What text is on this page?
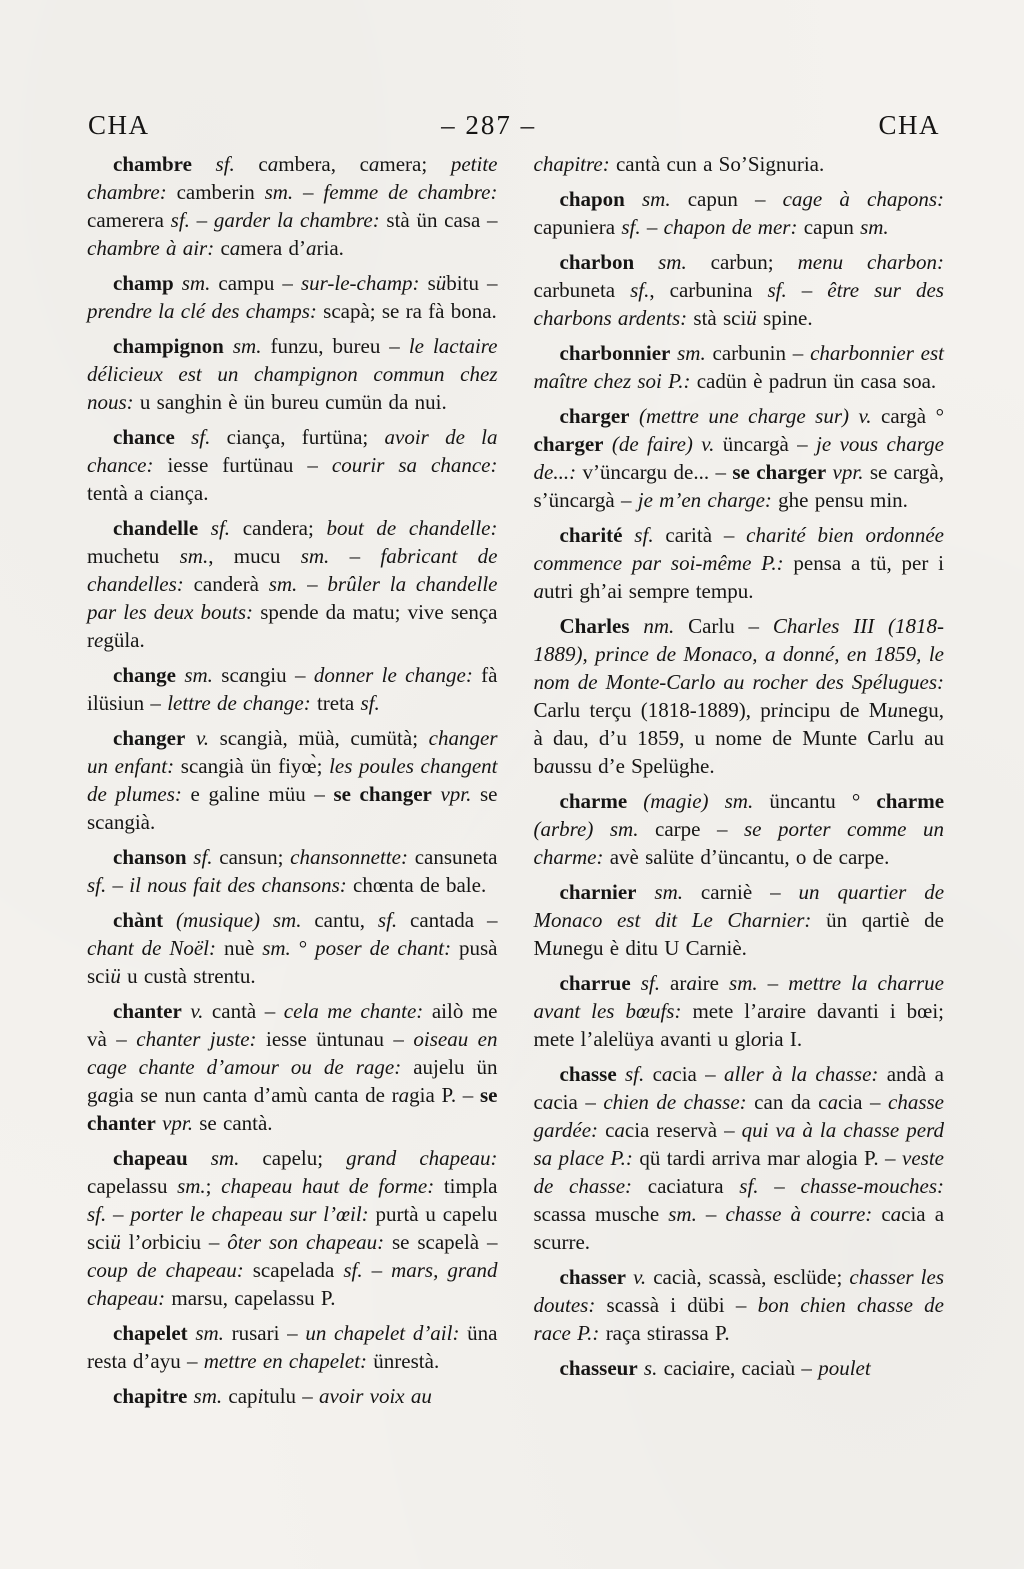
CHA	– 287 –	CHA

chambre sf. cambera, camera; petite chambre: camberin sm. – femme de chambre: camerera sf. – garder la chambre: stà ün casa – chambre à air: camera d’aria.

champ sm. campu – sur-le-champ: sübitu – prendre la clé des champs: scapà; se ra fà bona.

champignon sm. funzu, bureu – le lactaire délicieux est un champignon commun chez nous: u sanghin è ün bureu cumün da nui.

chance sf. ciança, furtüna; avoir de la chance: iesse furtünau – courir sa chance: tentà a ciança.

chandelle sf. candera; bout de chandelle: muchetu sm., mucu sm. – fabricant de chandelles: canderà sm. – brûler la chandelle par les deux bouts: spende da matu; vive sença regüla.

change sm. scangiu – donner le change: fà ilüsiun – lettre de change: treta sf.

changer v. scangià, müà, cumütà; changer un enfant: scangià ün fiyœ̀; les poules changent de plumes: e galine müu – se changer vpr. se scangià.

chanson sf. cansun; chansonnette: cansuneta sf. – il nous fait des chansons: chœnta de bale.

chànt (musique) sm. cantu, sf. cantada – chant de Noël: nuè sm. ° poser de chant: pusà sciü u custà strentu.

chanter v. cantà – cela me chante: ailò me và – chanter juste: iesse üntunau – oiseau en cage chante d’amour ou de rage: aujelu ün gagia se nun canta d’amù canta de ragia P. – se chanter vpr. se cantà.

chapeau sm. capelu; grand chapeau: capelassu sm.; chapeau haut de forme: timpla sf. – porter le chapeau sur l’œil: purtà u capelu sciü l’orbiciu – ôter son chapeau: se scapelà – coup de chapeau: scapelada sf. – mars, grand chapeau: marsu, capelassu P.

chapelet sm. rusari – un chapelet d’ail: üna resta d’ayu – mettre en chapelet: ünrestà.

chapitre sm. capitulu – avoir voix au

chapitre: cantà cun a So’Signuria.

chapon sm. capun – cage à chapons: capuniera sf. – chapon de mer: capun sm.

charbon sm. carbun; menu charbon: carbuneta sf., carbunina sf. – être sur des charbons ardents: stà sciü spine.

charbonnier sm. carbunin – charbonnier est maître chez soi P.: cadün è padrun ün casa soa.

charger (mettre une charge sur) v. cargà ° charger (de faire) v. üncargà – je vous charge de...: v’üncargu de... – se charger vpr. se cargà, s’üncargà – je m’en charge: ghe pensu min.

charité sf. carità – charité bien ordonnée commence par soi-même P.: pensa a tü, per i autri gh’ai sempre tempu.

Charles nm. Carlu – Charles III (1818-1889), prince de Monaco, a donné, en 1859, le nom de Monte-Carlo au rocher des Spélugues: Carlu terçu (1818-1889), principu de Munegu, à dau, d’u 1859, u nome de Munte Carlu au baussu d’e Spelüghe.

charme (magie) sm. üncantu ° charme (arbre) sm. carpe – se porter comme un charme: avè salüte d’üncantu, o de carpe.

charnier sm. carniè – un quartier de Monaco est dit Le Charnier: ün qartiè de Munegu è ditu U Carniè.

charrue sf. araire sm. – mettre la charrue avant les bœufs: mete l’araire davanti i bœi; mete l’alelüya avanti u gloria I.

chasse sf. cacia – aller à la chasse: andà a cacia – chien de chasse: can da cacia – chasse gardée: cacia reservà – qui va à la chasse perd sa place P.: qü tardi arriva mar alogia P. – veste de chasse: caciatura sf. – chasse-mouches: scassa musche sm. – chasse à courre: cacia a scurre.

chasser v. cacià, scassà, esclüde; chasser les doutes: scassà i dübi – bon chien chasse de race P.: raça stirassa P.

chasseur s. caciaire, caciaù – poulet
